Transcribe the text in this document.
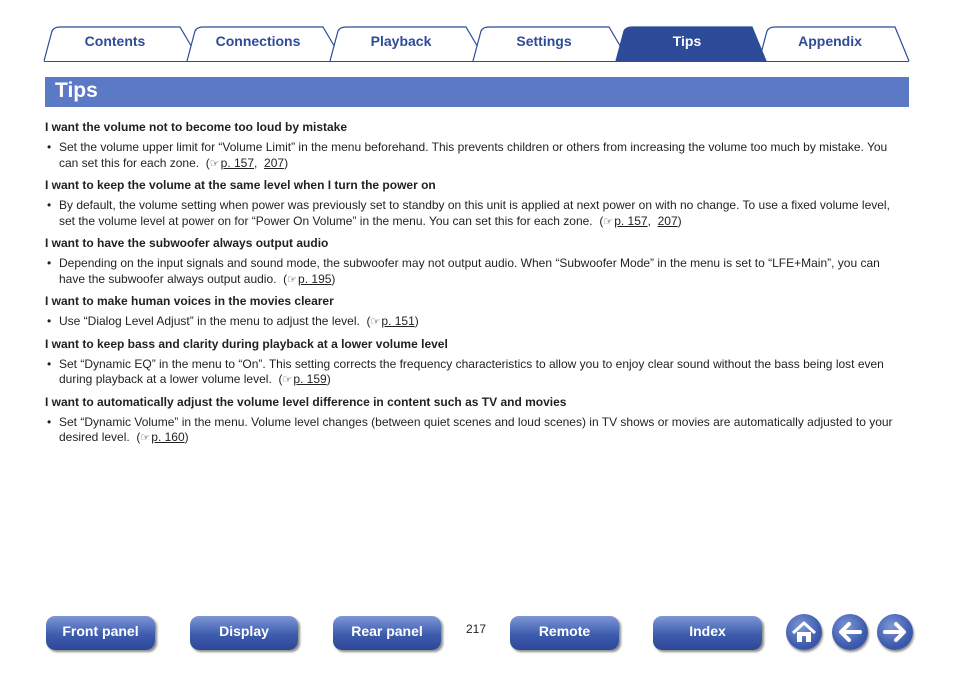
Contents	Connections	Playback	Settings	Tips	Appendix
Tips
I want the volume not to become too loud by mistake
• Set the volume upper limit for “Volume Limit” in the menu beforehand. This prevents children or others from increasing the volume too much by mistake. You can set this for each zone.  (☞p. 157,  207)
I want to keep the volume at the same level when I turn the power on
• By default, the volume setting when power was previously set to standby on this unit is applied at next power on with no change. To use a fixed volume level, set the volume level at power on for “Power On Volume” in the menu. You can set this for each zone.  (☞p. 157,  207)
I want to have the subwoofer always output audio
• Depending on the input signals and sound mode, the subwoofer may not output audio. When “Subwoofer Mode” in the menu is set to “LFE+Main”, you can have the subwoofer always output audio.  (☞p. 195)
I want to make human voices in the movies clearer
• Use “Dialog Level Adjust” in the menu to adjust the level.  (☞p. 151)
I want to keep bass and clarity during playback at a lower volume level
• Set “Dynamic EQ” in the menu to “On”. This setting corrects the frequency characteristics to allow you to enjoy clear sound without the bass being lost even during playback at a lower volume level.  (☞p. 159)
I want to automatically adjust the volume level difference in content such as TV and movies
• Set “Dynamic Volume” in the menu. Volume level changes (between quiet scenes and loud scenes) in TV shows or movies are automatically adjusted to your desired level.  (☞p. 160)
Front panel	Display	Rear panel	217	Remote	Index
